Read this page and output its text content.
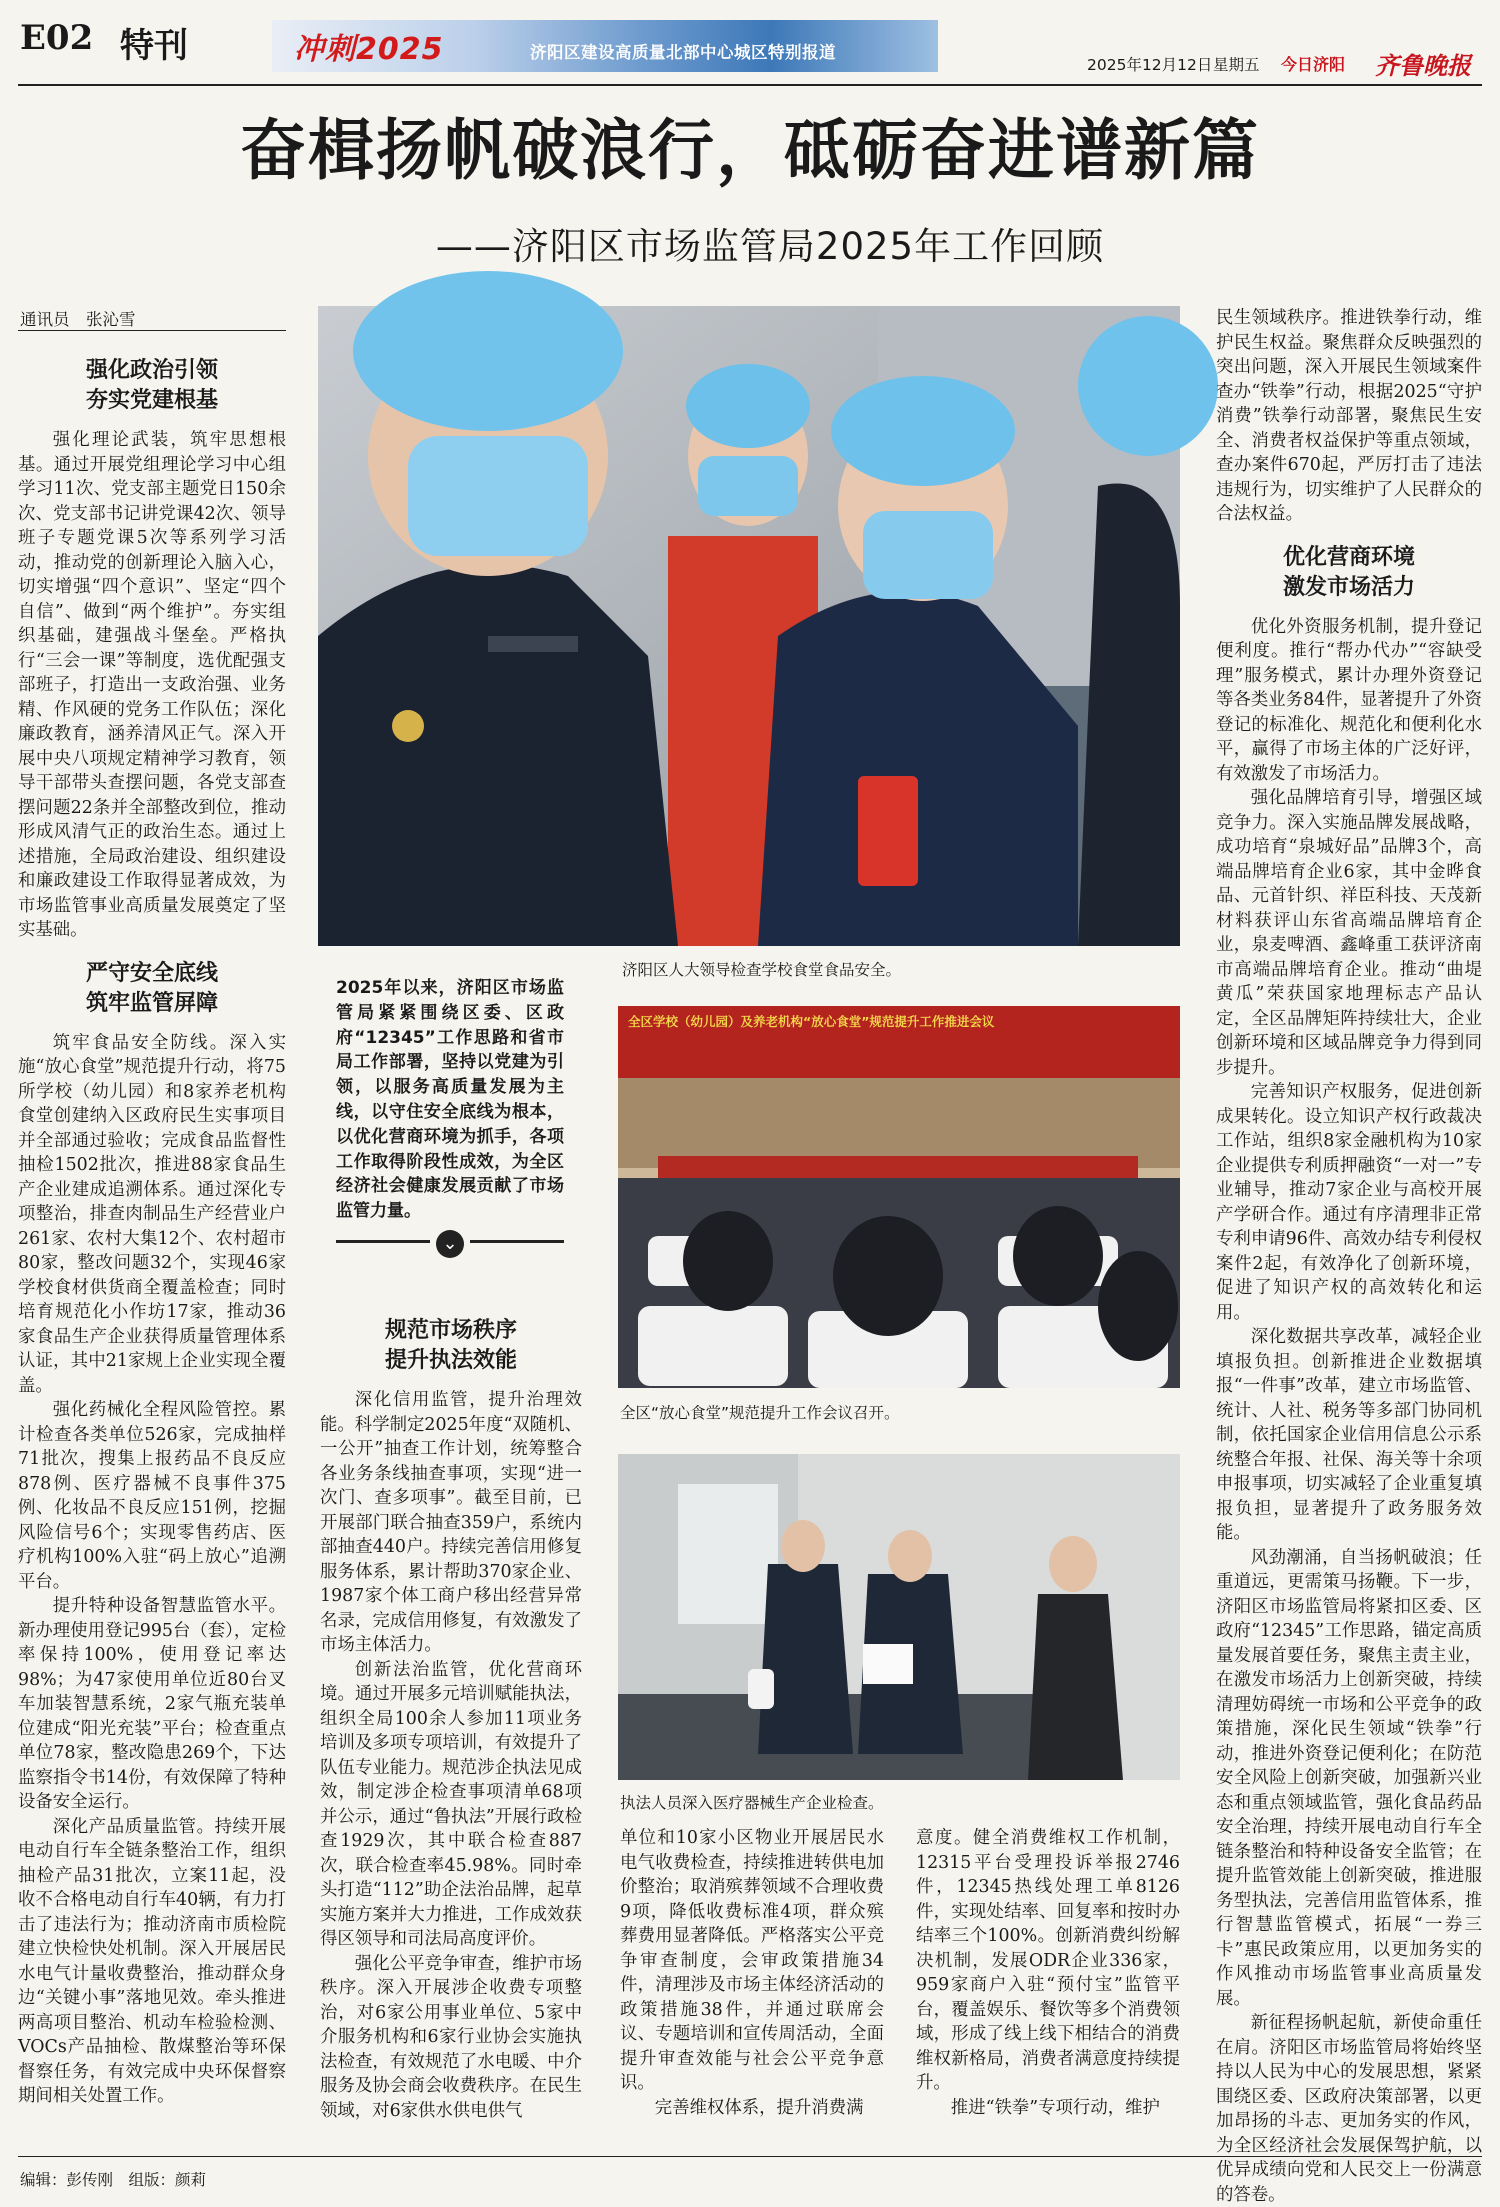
E02 特刊	冲刺2025	济阳区建设高质量北部中心城区特别报道
2025年12月12日 星期五 今日济阳 齐鲁晚报
奋楫扬帆破浪行，砥砺奋进谱新篇
——济阳区市场监管局2025年工作回顾
通讯员　张沁雪
强化政治引领
夯实党建根基

强化理论武装，筑牢思想根基。通过开展党组理论学习中心组学习11次、党支部主题党日150余次、党支部书记讲党课42次、领导班子专题党课5次等系列学习活动，推动党的创新理论入脑入心，切实增强“四个意识”、坚定“四个自信”、做到“两个维护”。夯实组织基础，建强战斗堡垒。严格执行“三会一课”等制度，选优配强支部班子，打造出一支政治强、业务精、作风硬的党务工作队伍；深化廉政教育，涵养清风正气。深入开展中央八项规定精神学习教育，领导干部带头查摆问题，各党支部查摆问题22条并全部整改到位，推动形成风清气正的政治生态。通过上述措施，全局政治建设、组织建设和廉政建设工作取得显著成效，为市场监管事业高质量发展奠定了坚实基础。

严守安全底线
筑牢监管屏障

筑牢食品安全防线。深入实施“放心食堂”规范提升行动，将75所学校（幼儿园）和8家养老机构食堂创建纳入区政府民生实事项目并全部通过验收；完成食品监督性抽检1502批次，推进88家食品生产企业建成追溯体系。通过深化专项整治，排查肉制品生产经营业户261家、农村大集12个、农村超市80家，整改问题32个，实现46家学校食材供货商全覆盖检查；同时培育规范化小作坊17家，推动36家食品生产企业获得质量管理体系认证，其中21家规上企业实现全覆盖。

强化药械化全程风险管控。累计检查各类单位526家，完成抽样71批次，搜集上报药品不良反应878例、医疗器械不良事件375例、化妆品不良反应151例，挖掘风险信号6个；实现零售药店、医疗机构100%入驻“码上放心”追溯平台。

提升特种设备智慧监管水平。新办理使用登记995台（套），定检率保持100%，使用登记率达98%；为47家使用单位近80台叉车加装智慧系统，2家气瓶充装单位建成“阳光充装”平台；检查重点单位78家，整改隐患269个，下达监察指令书14份，有效保障了特种设备安全运行。

深化产品质量监管。持续开展电动自行车全链条整治工作，组织抽检产品31批次，立案11起，没收不合格电动自行车40辆，有力打击了违法行为；推动济南市质检院建立快检快处机制。深入开展居民水电气计量收费整治，推动群众身边“关键小事”落地见效。牵头推进两高项目整治、机动车检验检测、VOCs产品抽检、散煤整治等环保督察任务，有效完成中央环保督察期间相关处置工作。

济阳区人大领导检查学校食堂食品安全。
2025年以来，济阳区市场监管局紧紧围绕区委、区政府“12345”工作思路和省市局工作部署，坚持以党建为引领，以服务高质量发展为主线，以守住安全底线为根本，以优化营商环境为抓手，各项工作取得阶段性成效，为全区经济社会健康发展贡献了市场监管力量。
⌄
规范市场秩序
提升执法效能

深化信用监管，提升治理效能。科学制定2025年度“双随机、一公开”抽查工作计划，统筹整合各业务条线抽查事项，实现“进一次门、查多项事”。截至目前，已开展部门联合抽查359户，系统内部抽查440户。持续完善信用修复服务体系，累计帮助370家企业、1987家个体工商户移出经营异常名录，完成信用修复，有效激发了市场主体活力。

创新法治监管，优化营商环境。通过开展多元培训赋能执法，组织全局100余人参加11项业务培训及多项专项培训，有效提升了队伍专业能力。规范涉企执法见成效，制定涉企检查事项清单68项并公示，通过“鲁执法”开展行政检查1929次，其中联合检查887次，联合检查率45.98%。同时牵头打造“112”助企法治品牌，起草实施方案并大力推进，工作成效获得区领导和司法局高度评价。

强化公平竞争审查，维护市场秩序。深入开展涉企收费专项整治，对6家公用事业单位、5家中介服务机构和6家行业协会实施执法检查，有效规范了水电暖、中介服务及协会商会收费秩序。在民生领域，对6家供水供电供气

全区学校（幼儿园）及养老机构“放心食堂”规范提升工作推进会议
全区“放心食堂”规范提升工作会议召开。
执法人员深入医疗器械生产企业检查。

单位和10家小区物业开展居民水电气收费检查，持续推进转供电加价整治；取消殡葬领域不合理收费9项，降低收费标准4项，群众殡葬费用显著降低。严格落实公平竞争审查制度，会审政策措施34件，清理涉及市场主体经济活动的政策措施38件，并通过联席会议、专题培训和宣传周活动，全面提升审查效能与社会公平竞争意识。

完善维权体系，提升消费满

意度。健全消费维权工作机制，12315平台受理投诉举报2746件，12345热线处理工单8126件，实现处结率、回复率和按时办结率三个100%。创新消费纠纷解决机制，发展ODR企业336家，959家商户入驻“预付宝”监管平台，覆盖娱乐、餐饮等多个消费领域，形成了线上线下相结合的消费维权新格局，消费者满意度持续提升。

推进“铁拳”专项行动，维护

民生领域秩序。推进铁拳行动，维护民生权益。聚焦群众反映强烈的突出问题，深入开展民生领域案件查办“铁拳”行动，根据2025“守护消费”铁拳行动部署，聚焦民生安全、消费者权益保护等重点领域，查办案件670起，严厉打击了违法违规行为，切实维护了人民群众的合法权益。

优化营商环境
激发市场活力

优化外资服务机制，提升登记便利度。推行“帮办代办”“容缺受理”服务模式，累计办理外资登记等各类业务84件，显著提升了外资登记的标准化、规范化和便利化水平，赢得了市场主体的广泛好评，有效激发了市场活力。

强化品牌培育引导，增强区域竞争力。深入实施品牌发展战略，成功培育“泉城好品”品牌3个，高端品牌培育企业6家，其中金晔食品、元首针织、祥臣科技、天茂新材料获评山东省高端品牌培育企业，泉麦啤酒、鑫峰重工获评济南市高端品牌培育企业。推动“曲堤黄瓜”荣获国家地理标志产品认定，全区品牌矩阵持续壮大，企业创新环境和区域品牌竞争力得到同步提升。

完善知识产权服务，促进创新成果转化。设立知识产权行政裁决工作站，组织8家金融机构为10家企业提供专利质押融资“一对一”专业辅导，推动7家企业与高校开展产学研合作。通过有序清理非正常专利申请96件、高效办结专利侵权案件2起，有效净化了创新环境，促进了知识产权的高效转化和运用。

深化数据共享改革，减轻企业填报负担。创新推进企业数据填报“一件事”改革，建立市场监管、统计、人社、税务等多部门协同机制，依托国家企业信用信息公示系统整合年报、社保、海关等十余项申报事项，切实减轻了企业重复填报负担，显著提升了政务服务效能。

风劲潮涌，自当扬帆破浪；任重道远，更需策马扬鞭。下一步，济阳区市场监管局将紧扣区委、区政府“12345”工作思路，锚定高质量发展首要任务，聚焦主责主业，在激发市场活力上创新突破，持续清理妨碍统一市场和公平竞争的政策措施，深化民生领域“铁拳”行动，推进外资登记便利化；在防范安全风险上创新突破，加强新兴业态和重点领域监管，强化食品药品安全治理，持续开展电动自行车全链条整治和特种设备安全监管；在提升监管效能上创新突破，推进服务型执法，完善信用监管体系，推行智慧监管模式，拓展“一券三卡”惠民政策应用，以更加务实的作风推动市场监管事业高质量发展。

新征程扬帆起航，新使命重任在肩。济阳区市场监管局将始终坚持以人民为中心的发展思想，紧紧围绕区委、区政府决策部署，以更加昂扬的斗志、更加务实的作风，为全区经济社会发展保驾护航，以优异成绩向党和人民交上一份满意的答卷。

编辑：彭传刚　组版：颜莉
